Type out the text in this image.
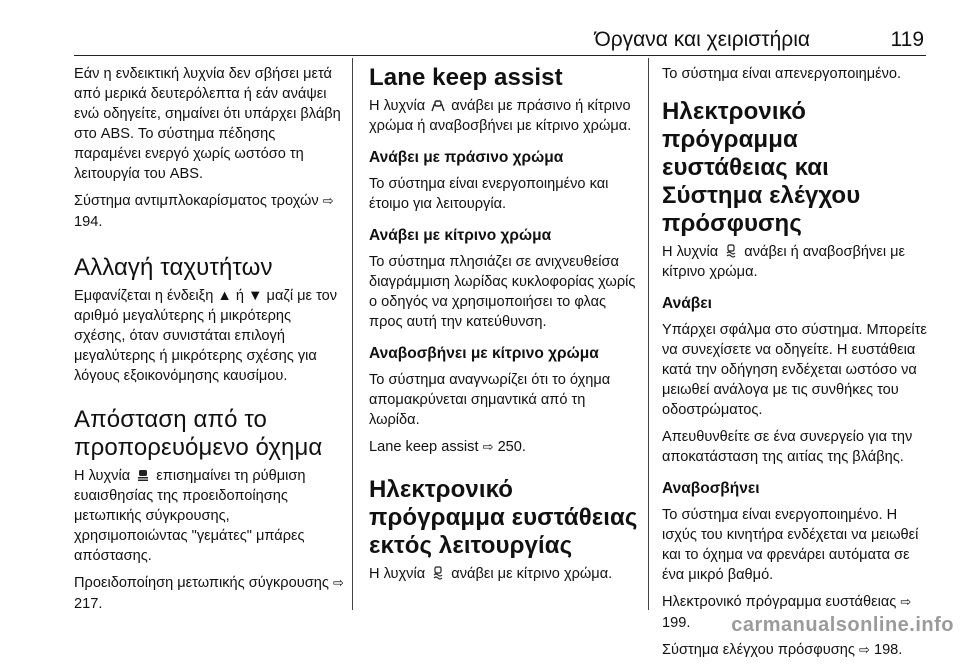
Όργανα και χειριστήρια	119

Εάν η ενδεικτική λυχνία δεν σβήσει μετά από μερικά δευτερόλεπτα ή εάν ανάψει ενώ οδηγείτε, σημαίνει ότι υπάρχει βλάβη στο ABS. Το σύστημα πέδησης παραμένει ενεργό χωρίς ωστόσο τη λειτουργία του ABS.

Σύστημα αντιμπλοκαρίσματος τροχών ⇨ 194.

Αλλαγή ταχυτήτων

Εμφανίζεται η ένδειξη ▲ ή ▼ μαζί με τον αριθμό μεγαλύτερης ή μικρότερης σχέσης, όταν συνιστάται επιλογή μεγαλύτερης ή μικρότερης σχέσης για λόγους εξοικονόμησης καυσίμου.

Απόσταση από το προπορευόμενο όχημα

Η λυχνία επισημαίνει τη ρύθμιση ευαισθησίας της προειδοποίησης μετωπικής σύγκρουσης, χρησιμοποιώντας "γεμάτες" μπάρες απόστασης.

Προειδοποίηση μετωπικής σύγκρουσης ⇨ 217.

Lane keep assist

Η λυχνία ανάβει με πράσινο ή κίτρινο χρώμα ή αναβοσβήνει με κίτρινο χρώμα.

Ανάβει με πράσινο χρώμα

Το σύστημα είναι ενεργοποιημένο και έτοιμο για λειτουργία.

Ανάβει με κίτρινο χρώμα

Το σύστημα πλησιάζει σε ανιχνευθείσα διαγράμμιση λωρίδας κυκλοφορίας χωρίς ο οδηγός να χρησιμοποιήσει το φλας προς αυτή την κατεύθυνση.

Αναβοσβήνει με κίτρινο χρώμα

Το σύστημα αναγνωρίζει ότι το όχημα απομακρύνεται σημαντικά από τη λωρίδα.

Lane keep assist ⇨ 250.

Ηλεκτρονικό πρόγραμμα ευστάθειας εκτός λειτουργίας

Η λυχνία ανάβει με κίτρινο χρώμα.

Το σύστημα είναι απενεργοποιημένο.

Ηλεκτρονικό πρόγραμμα ευστάθειας και Σύστημα ελέγχου πρόσφυσης

Η λυχνία ανάβει ή αναβοσβήνει με κίτρινο χρώμα.

Ανάβει

Υπάρχει σφάλμα στο σύστημα. Μπορείτε να συνεχίσετε να οδηγείτε. Η ευστάθεια κατά την οδήγηση ενδέχεται ωστόσο να μειωθεί ανάλογα με τις συνθήκες του οδοστρώματος.

Απευθυνθείτε σε ένα συνεργείο για την αποκατάσταση της αιτίας της βλάβης.

Αναβοσβήνει

Το σύστημα είναι ενεργοποιημένο. Η ισχύς του κινητήρα ενδέχεται να μειωθεί και το όχημα να φρενάρει αυτόματα σε ένα μικρό βαθμό.

Ηλεκτρονικό πρόγραμμα ευστάθειας ⇨ 199.

Σύστημα ελέγχου πρόσφυσης ⇨ 198.

carmanualsonline.info
